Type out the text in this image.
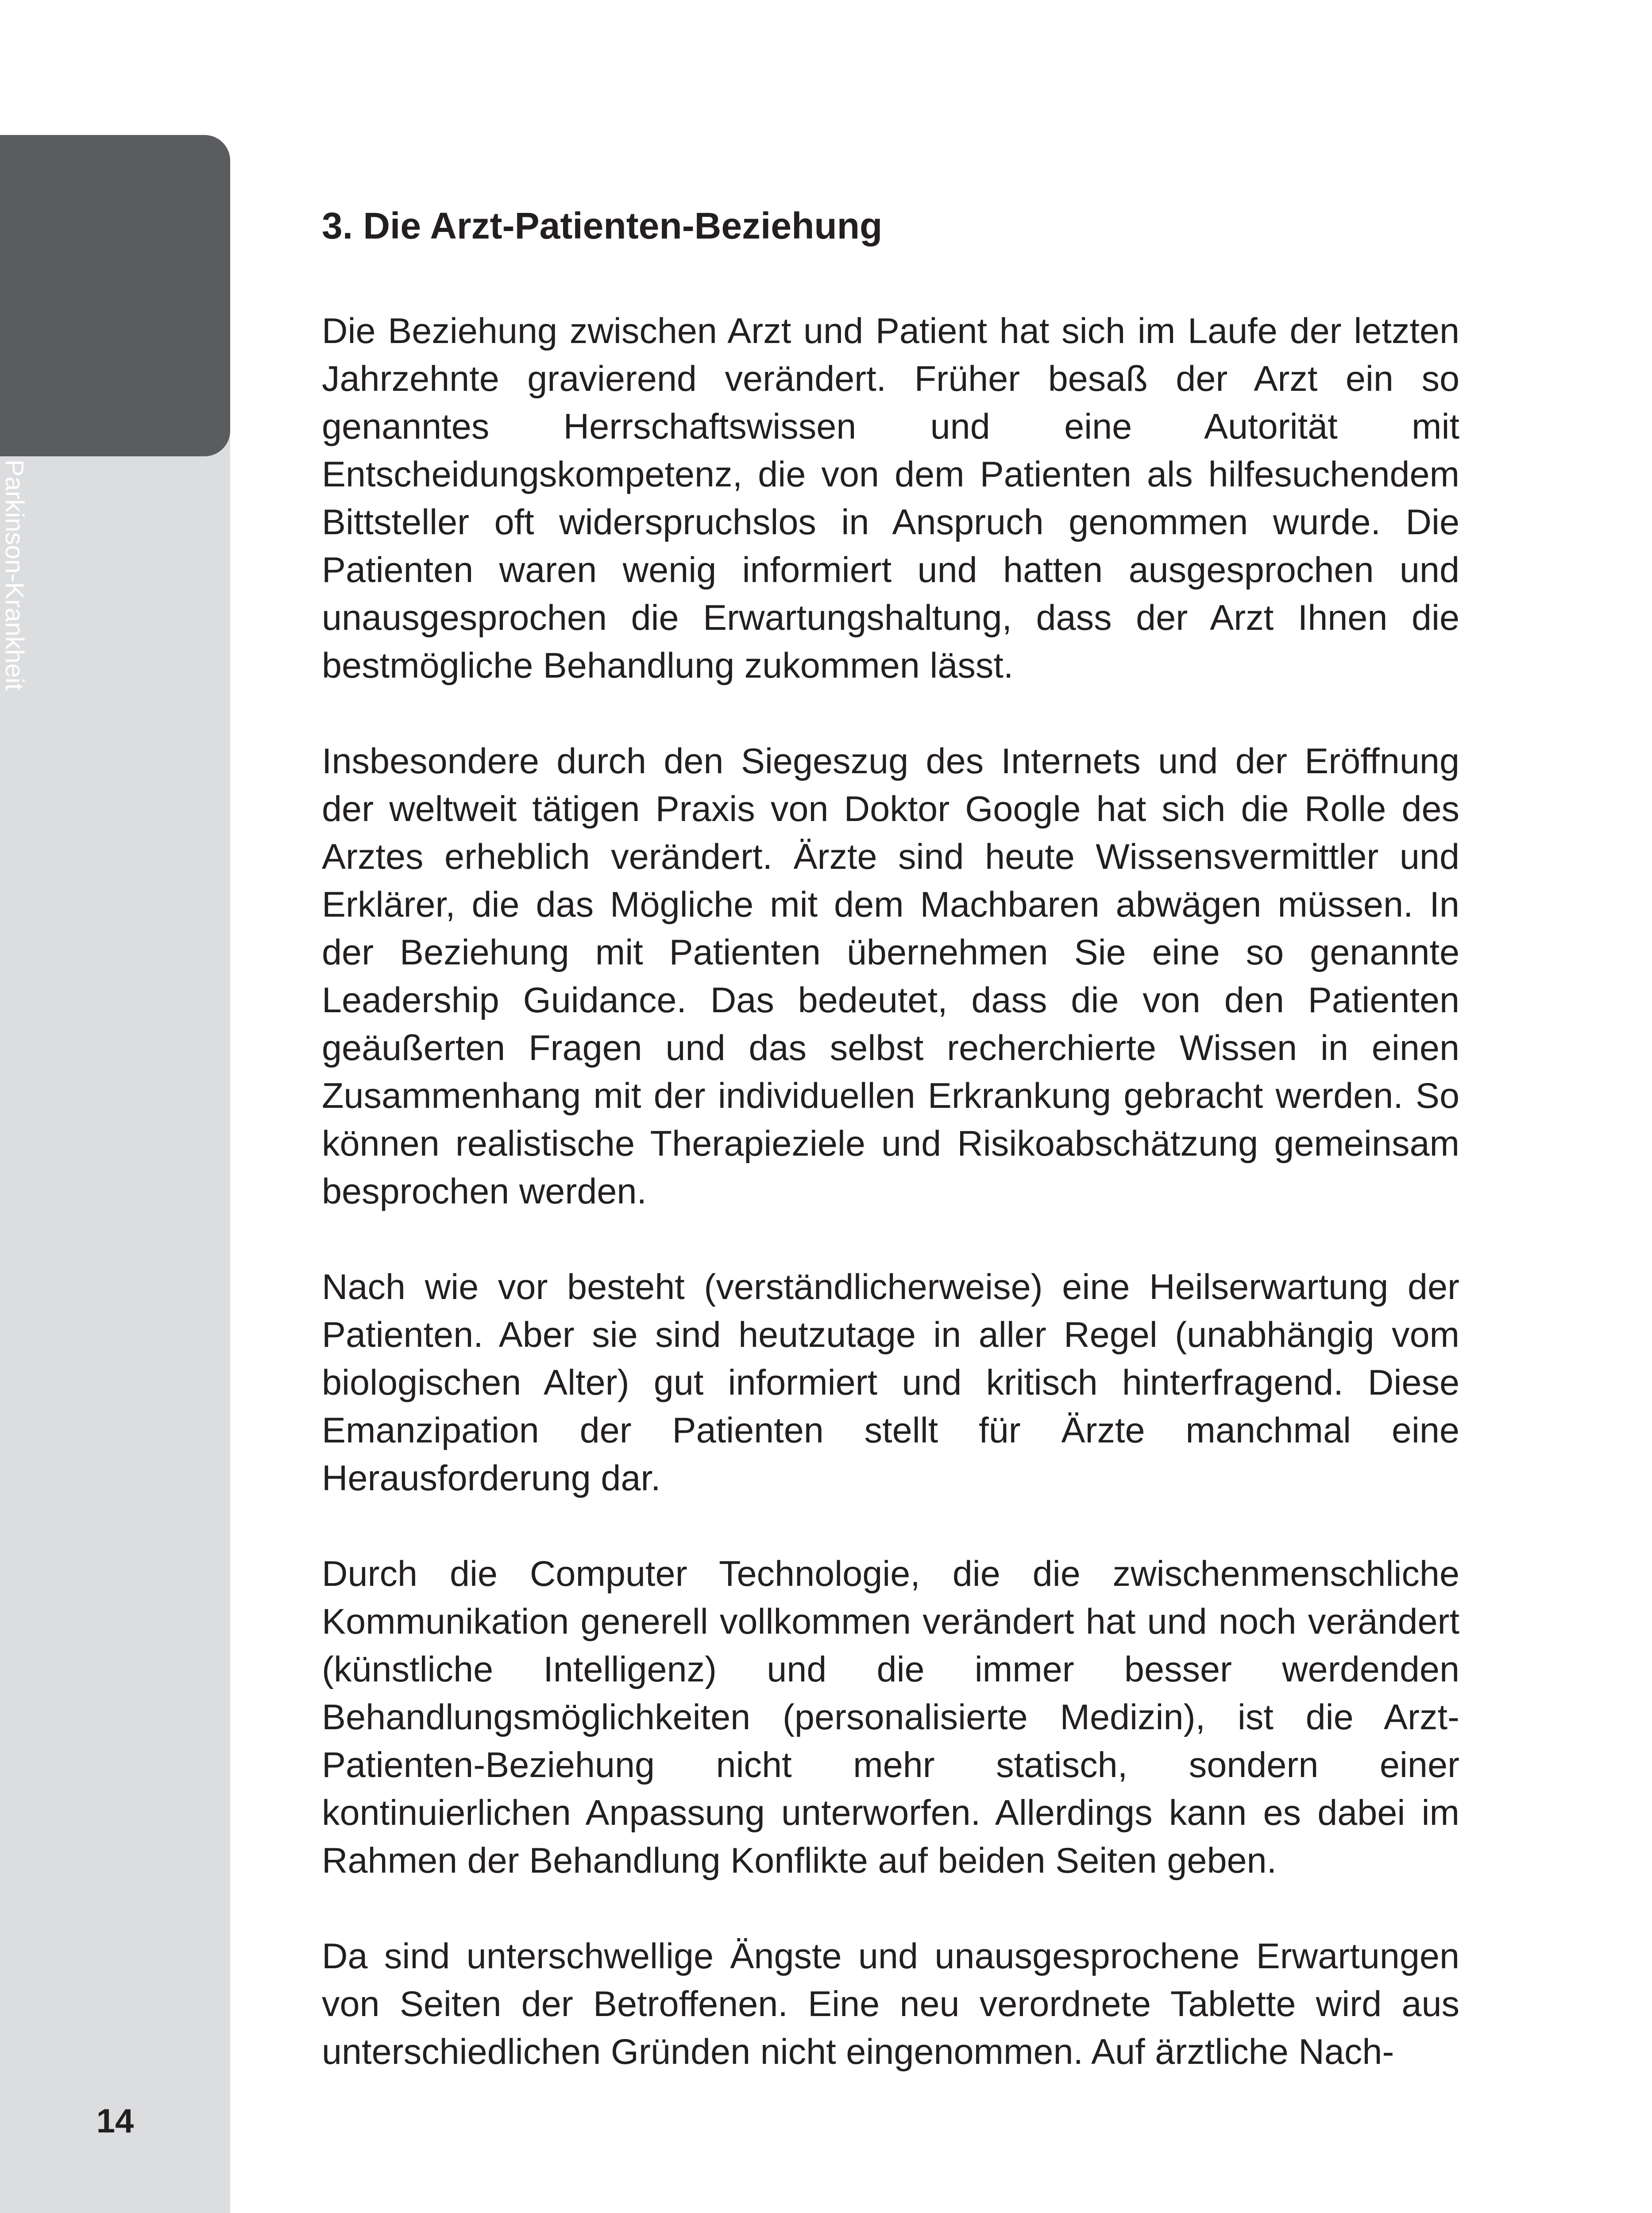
Parkinson-Krankheit
14
3. Die Arzt-Patienten-Beziehung

Die Beziehung zwischen Arzt und Patient hat sich im Laufe der letzten Jahrzehnte gravierend verändert. Früher besaß der Arzt ein so genanntes Herrschaftswissen und eine Autorität mit Entscheidungskompetenz, die von dem Patienten als hilfesuchendem Bittsteller oft widerspruchslos in Anspruch genommen wurde. Die Patienten waren wenig informiert und hatten ausgesprochen und unausgesprochen die Erwartungshaltung, dass der Arzt Ihnen die bestmögliche Behandlung zukommen lässt.

Insbesondere durch den Siegeszug des Internets und der Eröffnung der weltweit tätigen Praxis von Doktor Google hat sich die Rolle des Arztes erheblich verändert. Ärzte sind heute Wissensvermittler und Erklärer, die das Mögliche mit dem Machbaren abwägen müssen. In der Beziehung mit Patienten übernehmen Sie eine so genannte Leadership Guidance. Das bedeutet, dass die von den Patienten geäußerten Fragen und das selbst recherchierte Wissen in einen Zusammenhang mit der individuellen Erkrankung gebracht werden. So können realistische Therapieziele und Risikoabschätzung gemeinsam besprochen werden.

Nach wie vor besteht (verständlicherweise) eine Heilserwartung der Patienten. Aber sie sind heutzutage in aller Regel (unabhängig vom biologischen Alter) gut informiert und kritisch hinterfragend. Diese Emanzipation der Patienten stellt für Ärzte manchmal eine Herausforderung dar.

Durch die Computer Technologie, die die zwischenmenschliche Kommunikation generell vollkommen verändert hat und noch verändert (künstliche Intelligenz) und die immer besser werdenden Behandlungsmöglichkeiten (personalisierte Medizin), ist die Arzt-Patienten-Beziehung nicht mehr statisch, sondern einer kontinuierlichen Anpassung unterworfen. Allerdings kann es dabei im Rahmen der Behandlung Konflikte auf beiden Seiten geben.

Da sind unterschwellige Ängste und unausgesprochene Erwartungen von Seiten der Betroffenen. Eine neu verordnete Tablette wird aus unterschiedlichen Gründen nicht eingenommen. Auf ärztliche Nach-
